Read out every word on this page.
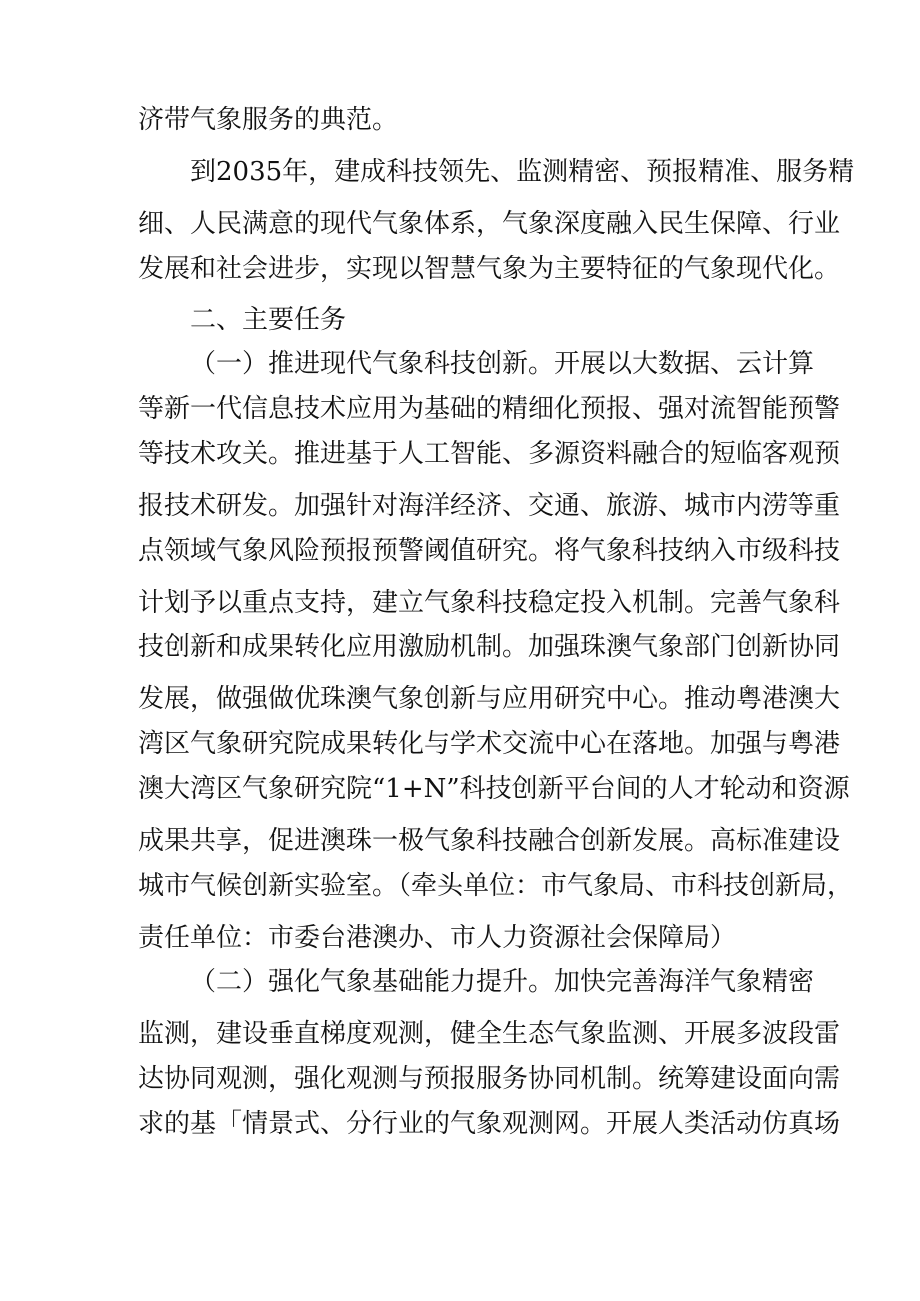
济带气象服务的典范。
到2035年，建成科技领先、监测精密、预报精准、服务精
细、人民满意的现代气象体系，气象深度融入民生保障、行业
发展和社会进步，实现以智慧气象为主要特征的气象现代化。
二、主要任务
（一）推进现代气象科技创新。开展以大数据、云计算
等新一代信息技术应用为基础的精细化预报、强对流智能预警
等技术攻关。推进基于人工智能、多源资料融合的短临客观预
报技术研发。加强针对海洋经济、交通、旅游、城市内涝等重
点领域气象风险预报预警阈值研究。将气象科技纳入市级科技
计划予以重点支持，建立气象科技稳定投入机制。完善气象科
技创新和成果转化应用激励机制。加强珠澳气象部门创新协同
发展，做强做优珠澳气象创新与应用研究中心。推动粤港澳大
湾区气象研究院成果转化与学术交流中心在落地。加强与粤港
澳大湾区气象研究院“1+N”科技创新平台间的人才轮动和资源
成果共享，促进澳珠一极气象科技融合创新发展。高标准建设
城市气候创新实验室。（牵头单位：市气象局、市科技创新局，
责任单位：市委台港澳办、市人力资源社会保障局）
（二）强化气象基础能力提升。加快完善海洋气象精密
监测，建设垂直梯度观测，健全生态气象监测、开展多波段雷
达协同观测，强化观测与预报服务协同机制。统筹建设面向需
求的基「情景式、分行业的气象观测网。开展人类活动仿真场
